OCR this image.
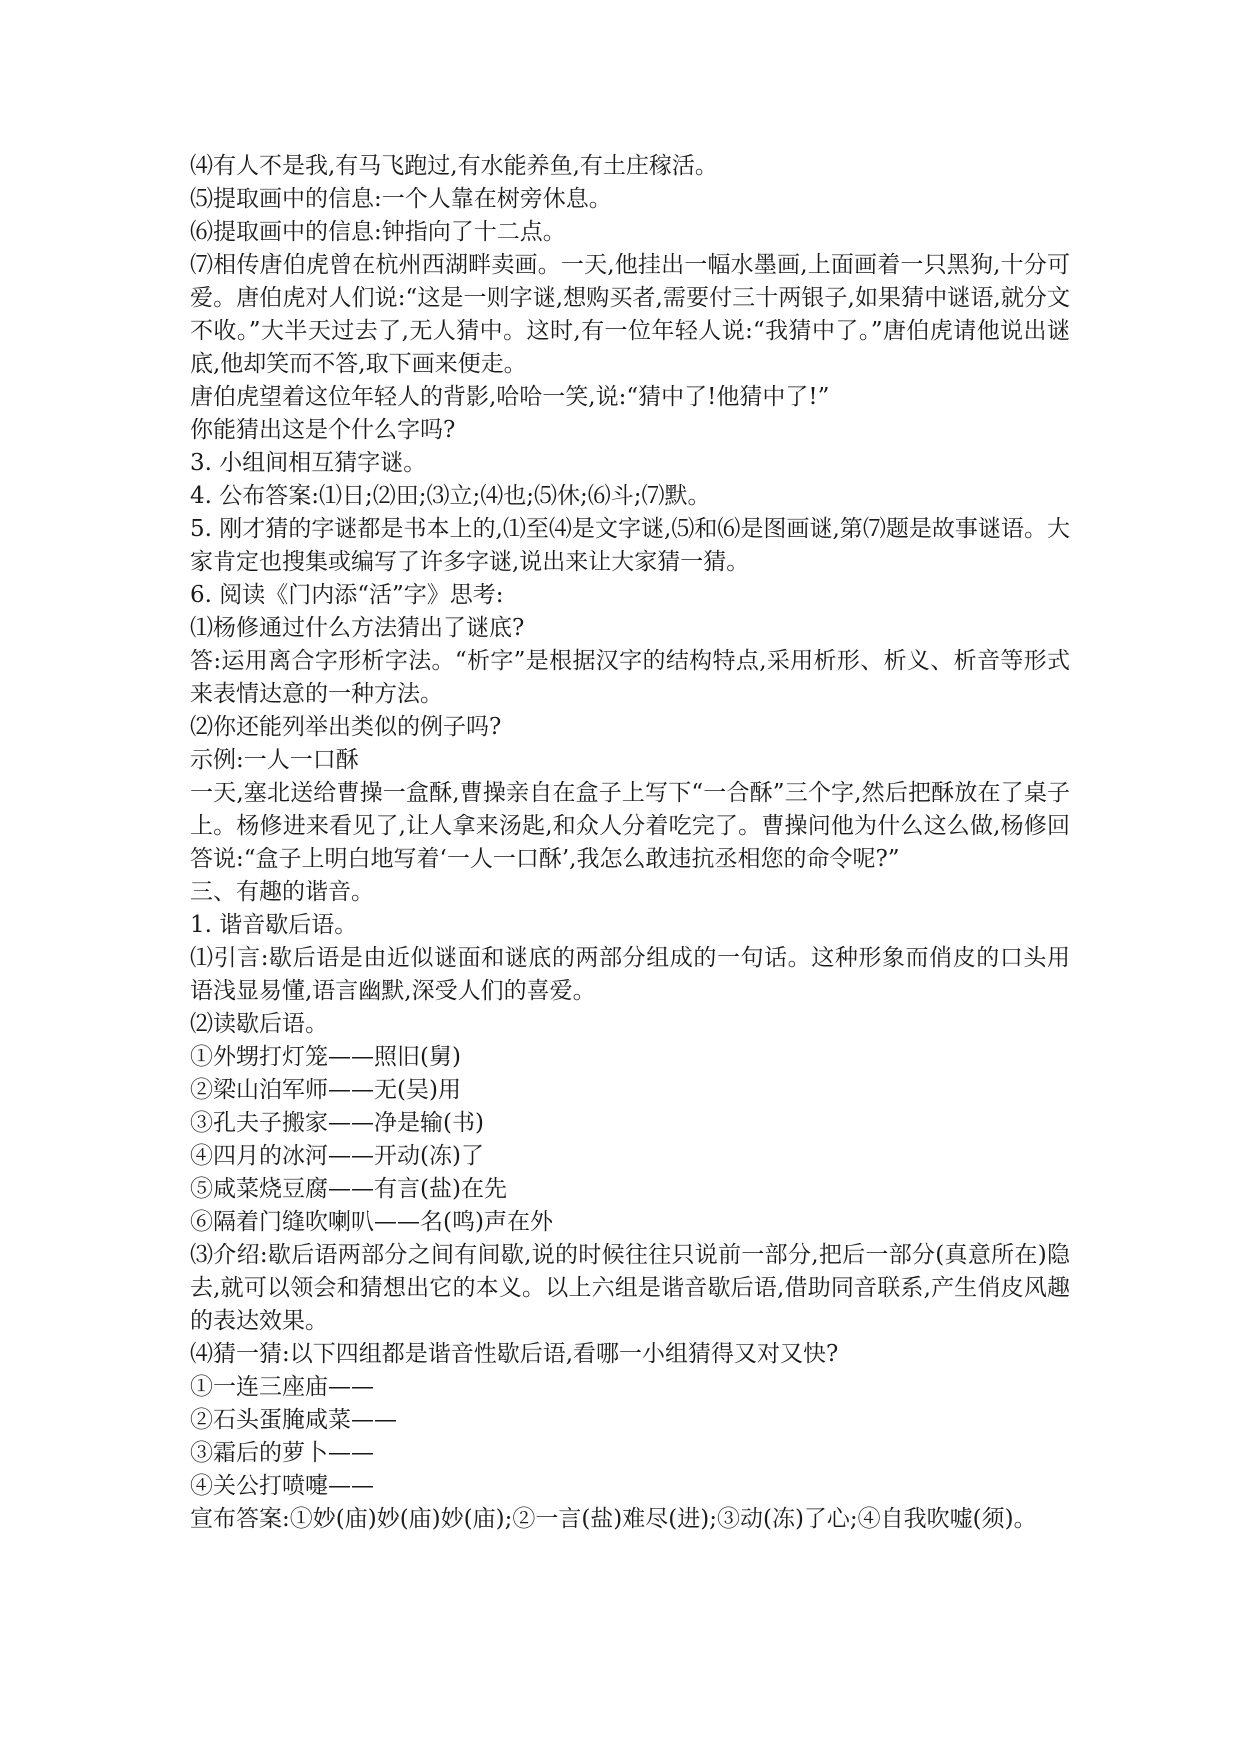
⑷有人不是我,有马飞跑过,有水能养鱼,有土庄稼活。

⑸提取画中的信息:一个人靠在树旁休息。

⑹提取画中的信息:钟指向了十二点。

⑺相传唐伯虎曾在杭州西湖畔卖画。一天,他挂出一幅水墨画,上面画着一只黑狗,十分可爱。唐伯虎对人们说:“这是一则字谜,想购买者,需要付三十两银子,如果猜中谜语,就分文不收。”大半天过去了,无人猜中。这时,有一位年轻人说:“我猜中了。”唐伯虎请他说出谜底,他却笑而不答,取下画来便走。

唐伯虎望着这位年轻人的背影,哈哈一笑,说:“猜中了!他猜中了!”

你能猜出这是个什么字吗?

3. 小组间相互猜字谜。

4. 公布答案:⑴日;⑵田;⑶立;⑷也;⑸休;⑹斗;⑺默。

5. 刚才猜的字谜都是书本上的,⑴至⑷是文字谜,⑸和⑹是图画谜,第⑺题是故事谜语。大家肯定也搜集或编写了许多字谜,说出来让大家猜一猜。

6. 阅读《门内添“活”字》思考:

⑴杨修通过什么方法猜出了谜底?

答:运用离合字形析字法。“析字”是根据汉字的结构特点,采用析形、析义、析音等形式来表情达意的一种方法。

⑵你还能列举出类似的例子吗?

示例:一人一口酥

一天,塞北送给曹操一盒酥,曹操亲自在盒子上写下“一合酥”三个字,然后把酥放在了桌子上。杨修进来看见了,让人拿来汤匙,和众人分着吃完了。曹操问他为什么这么做,杨修回答说:“盒子上明白地写着‘一人一口酥’,我怎么敢违抗丞相您的命令呢?”

三、有趣的谐音。

1. 谐音歇后语。

⑴引言:歇后语是由近似谜面和谜底的两部分组成的一句话。这种形象而俏皮的口头用语浅显易懂,语言幽默,深受人们的喜爱。

⑵读歇后语。

①外甥打灯笼——照旧(舅)

②梁山泊军师——无(吴)用

③孔夫子搬家——净是输(书)

④四月的冰河——开动(冻)了

⑤咸菜烧豆腐——有言(盐)在先

⑥隔着门缝吹喇叭——名(鸣)声在外

⑶介绍:歇后语两部分之间有间歇,说的时候往往只说前一部分,把后一部分(真意所在)隐去,就可以领会和猜想出它的本义。以上六组是谐音歇后语,借助同音联系,产生俏皮风趣的表达效果。

⑷猜一猜:以下四组都是谐音性歇后语,看哪一小组猜得又对又快?

①一连三座庙——

②石头蛋腌咸菜——

③霜后的萝卜——

④关公打喷嚏——

宣布答案:①妙(庙)妙(庙)妙(庙);②一言(盐)难尽(进);③动(冻)了心;④自我吹嘘(须)。
